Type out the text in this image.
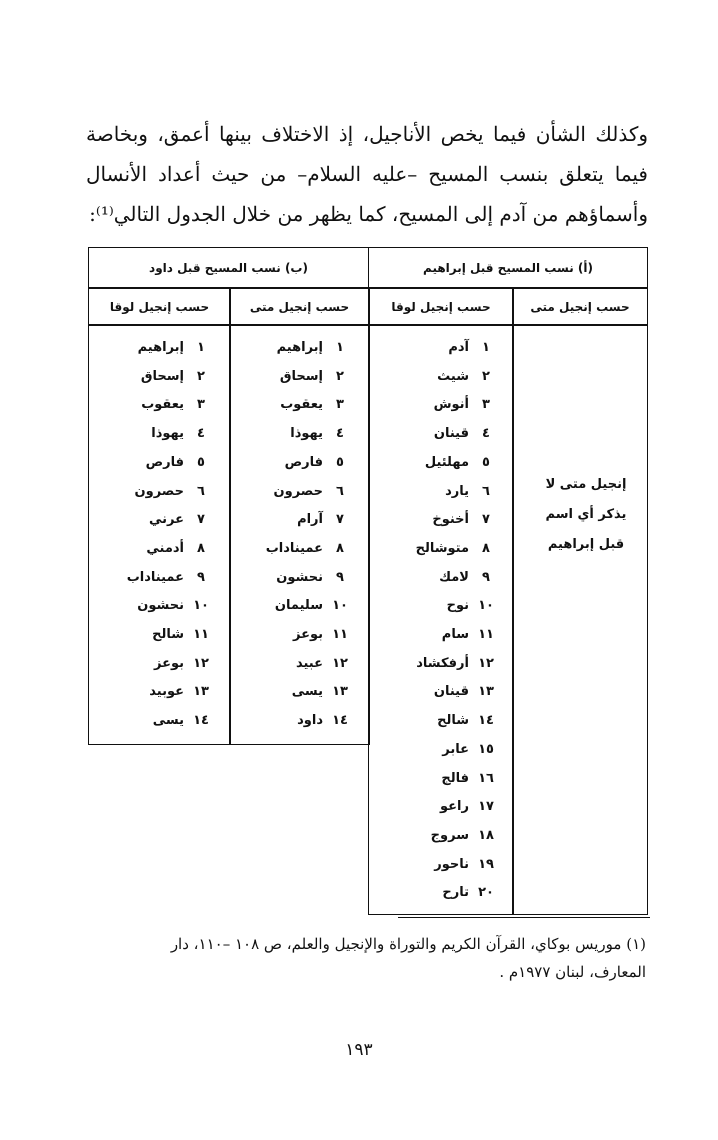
وكذلك الشأن فيما يخص الأناجيل، إذ الاختلاف بينها أعمق، وبخاصة

فيما يتعلق بنسب المسيح –عليه السلام– من حيث أعداد الأنسال

وأسماؤهم من آدم إلى المسيح، كما يظهر من خلال الجدول التالي⁽¹⁾:

(أ) نسب المسيح قبل إبراهيم
(ب) نسب المسيح قبل داود
حسب إنجيل متى
حسب إنجيل لوقا
حسب إنجيل متى
حسب إنجيل لوقا
إنجيل متى لا يذكر أي اسم قبل إبراهيم
١آدم
٢شيث
٣أنوش
٤قينان
٥مهلئيل
٦يارد
٧أخنوخ
٨متوشالح
٩لامك
١٠نوح
١١سام
١٢أرفكشاد
١٣قينان
١٤شالح
١٥عابر
١٦فالج
١٧راعو
١٨سروج
١٩ناحور
٢٠تارح
١إبراهيم
٢إسحاق
٣يعقوب
٤يهوذا
٥فارص
٦حصرون
٧آرام
٨عميناداب
٩نحشون
١٠سليمان
١١بوعز
١٢عبيد
١٣يسى
١٤داود
١إبراهيم
٢إسحاق
٣يعقوب
٤يهوذا
٥فارص
٦حصرون
٧عرني
٨أدمني
٩عميناداب
١٠نحشون
١١شالح
١٢بوعز
١٣عوبيد
١٤يسى

(١) موريس بوكاي، القرآن الكريم والتوراة والإنجيل والعلم، ص ١٠٨ –١١٠، دار

المعارف، لبنان ١٩٧٧م .

١٩٣
